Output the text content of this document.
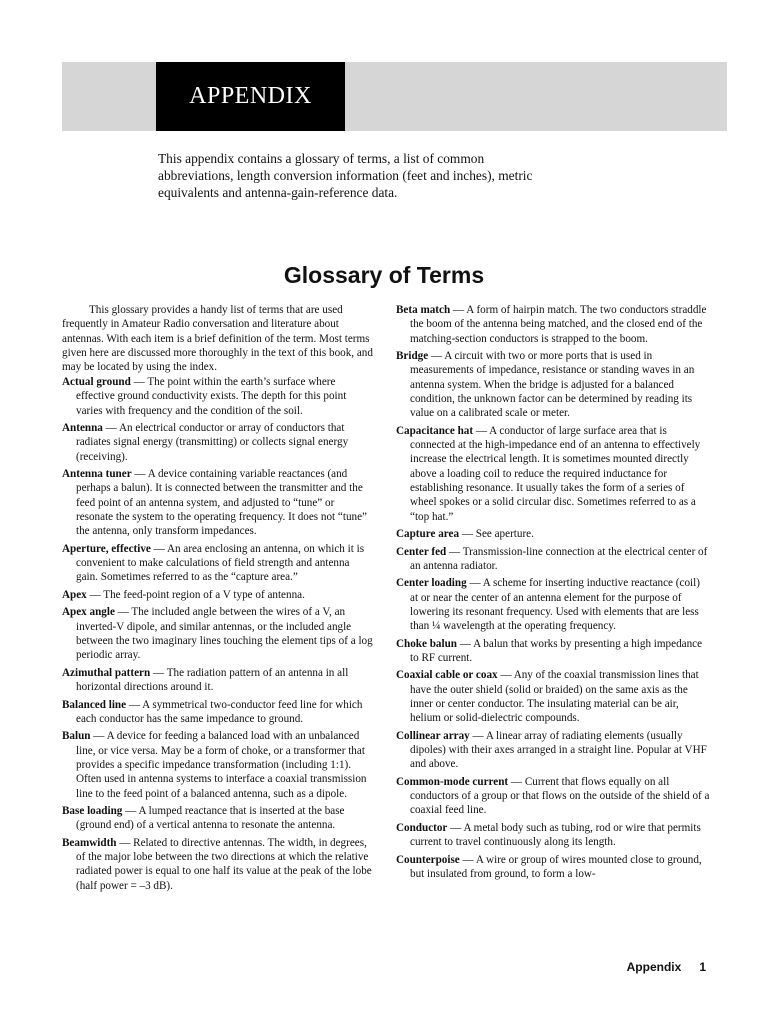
APPENDIX

This appendix contains a glossary of terms, a list of common abbreviations, length conversion information (feet and inches), metric equivalents and antenna-gain-reference data.

Glossary of Terms

This glossary provides a handy list of terms that are used frequently in Amateur Radio conversation and literature about antennas. With each item is a brief definition of the term. Most terms given here are discussed more thoroughly in the text of this book, and may be located by using the index.

Actual ground — The point within the earth’s surface where effective ground conductivity exists. The depth for this point varies with frequency and the condition of the soil.

Antenna — An electrical conductor or array of conductors that radiates signal energy (transmitting) or collects signal energy (receiving).

Antenna tuner — A device containing variable reactances (and perhaps a balun). It is connected between the transmitter and the feed point of an antenna system, and adjusted to “tune” or resonate the system to the operating frequency. It does not “tune” the antenna, only transform impedances.

Aperture, effective — An area enclosing an antenna, on which it is convenient to make calculations of field strength and antenna gain. Sometimes referred to as the “capture area.”

Apex — The feed-point region of a V type of antenna.

Apex angle — The included angle between the wires of a V, an inverted-V dipole, and similar antennas, or the included angle between the two imaginary lines touching the element tips of a log periodic array.

Azimuthal pattern — The radiation pattern of an antenna in all horizontal directions around it.

Balanced line — A symmetrical two-conductor feed line for which each conductor has the same impedance to ground.

Balun — A device for feeding a balanced load with an unbalanced line, or vice versa. May be a form of choke, or a transformer that provides a specific impedance transformation (including 1:1). Often used in antenna systems to interface a coaxial transmission line to the feed point of a balanced antenna, such as a dipole.

Base loading — A lumped reactance that is inserted at the base (ground end) of a vertical antenna to resonate the antenna.

Beamwidth — Related to directive antennas. The width, in degrees, of the major lobe between the two directions at which the relative radiated power is equal to one half its value at the peak of the lobe (half power = –3 dB).

Beta match — A form of hairpin match. The two conductors straddle the boom of the antenna being matched, and the closed end of the matching-section conductors is strapped to the boom.

Bridge — A circuit with two or more ports that is used in measurements of impedance, resistance or standing waves in an antenna system. When the bridge is adjusted for a balanced condition, the unknown factor can be determined by reading its value on a calibrated scale or meter.

Capacitance hat — A conductor of large surface area that is connected at the high-impedance end of an antenna to effectively increase the electrical length. It is sometimes mounted directly above a loading coil to reduce the required inductance for establishing resonance. It usually takes the form of a series of wheel spokes or a solid circular disc. Sometimes referred to as a “top hat.”

Capture area — See aperture.

Center fed — Transmission-line connection at the electrical center of an antenna radiator.

Center loading — A scheme for inserting inductive reactance (coil) at or near the center of an antenna element for the purpose of lowering its resonant frequency. Used with elements that are less than ¼ wavelength at the operating frequency.

Choke balun — A balun that works by presenting a high impedance to RF current.

Coaxial cable or coax — Any of the coaxial transmission lines that have the outer shield (solid or braided) on the same axis as the inner or center conductor. The insulating material can be air, helium or solid-dielectric compounds.

Collinear array — A linear array of radiating elements (usually dipoles) with their axes arranged in a straight line. Popular at VHF and above.

Common-mode current — Current that flows equally on all conductors of a group or that flows on the outside of the shield of a coaxial feed line.

Conductor — A metal body such as tubing, rod or wire that permits current to travel continuously along its length.

Counterpoise — A wire or group of wires mounted close to ground, but insulated from ground, to form a low-

Appendix 1
